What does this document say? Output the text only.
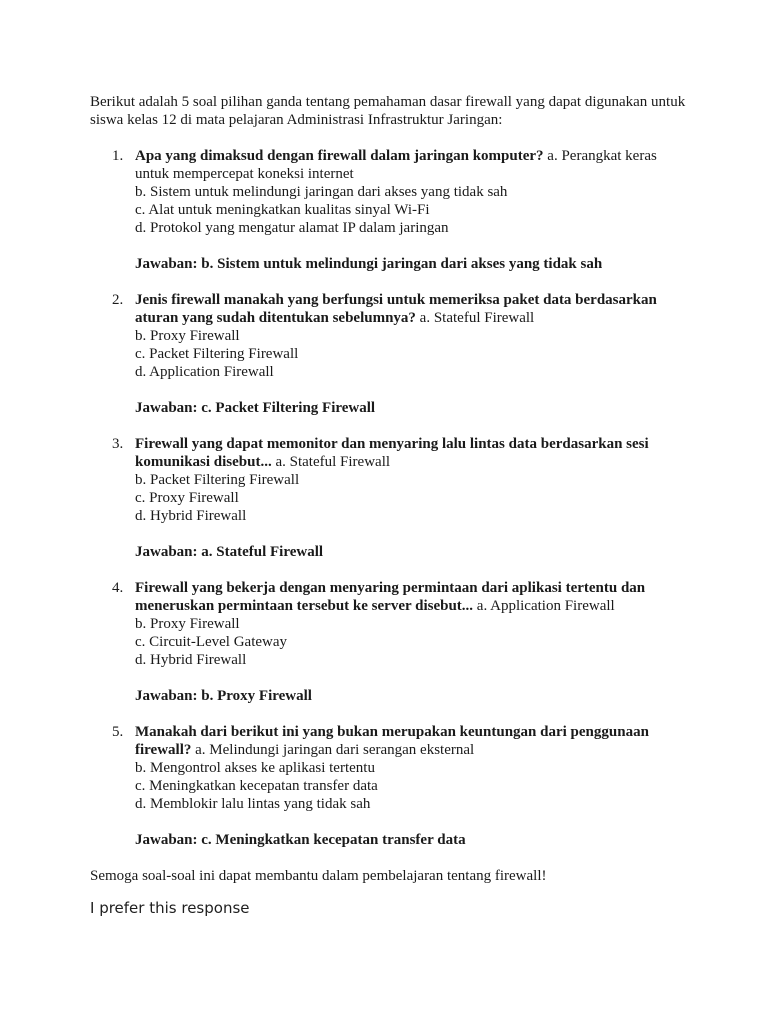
Berikut adalah 5 soal pilihan ganda tentang pemahaman dasar firewall yang dapat digunakan untuk siswa kelas 12 di mata pelajaran Administrasi Infrastruktur Jaringan:

1. Apa yang dimaksud dengan firewall dalam jaringan komputer? a. Perangkat keras untuk mempercepat koneksi internet
b. Sistem untuk melindungi jaringan dari akses yang tidak sah
c. Alat untuk meningkatkan kualitas sinyal Wi-Fi
d. Protokol yang mengatur alamat IP dalam jaringan
Jawaban: b. Sistem untuk melindungi jaringan dari akses yang tidak sah
2. Jenis firewall manakah yang berfungsi untuk memeriksa paket data berdasarkan aturan yang sudah ditentukan sebelumnya? a. Stateful Firewall
b. Proxy Firewall
c. Packet Filtering Firewall
d. Application Firewall
Jawaban: c. Packet Filtering Firewall
3. Firewall yang dapat memonitor dan menyaring lalu lintas data berdasarkan sesi komunikasi disebut... a. Stateful Firewall
b. Packet Filtering Firewall
c. Proxy Firewall
d. Hybrid Firewall
Jawaban: a. Stateful Firewall
4. Firewall yang bekerja dengan menyaring permintaan dari aplikasi tertentu dan meneruskan permintaan tersebut ke server disebut... a. Application Firewall
b. Proxy Firewall
c. Circuit-Level Gateway
d. Hybrid Firewall
Jawaban: b. Proxy Firewall
5. Manakah dari berikut ini yang bukan merupakan keuntungan dari penggunaan firewall? a. Melindungi jaringan dari serangan eksternal
b. Mengontrol akses ke aplikasi tertentu
c. Meningkatkan kecepatan transfer data
d. Memblokir lalu lintas yang tidak sah
Jawaban: c. Meningkatkan kecepatan transfer data

Semoga soal-soal ini dapat membantu dalam pembelajaran tentang firewall!

I prefer this response
